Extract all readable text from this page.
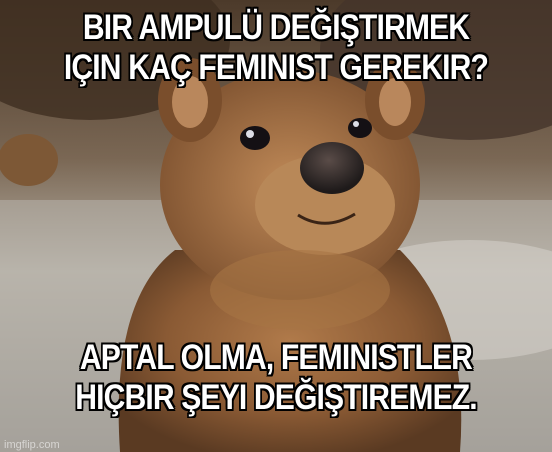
BIR AMPULÜ DEĞIŞTIRMEK
IÇIN KAÇ FEMINIST GEREKIR?
APTAL OLMA, FEMINISTLER
HIÇBIR ŞEYI DEĞIŞTIREMEZ.
imgflip.com
